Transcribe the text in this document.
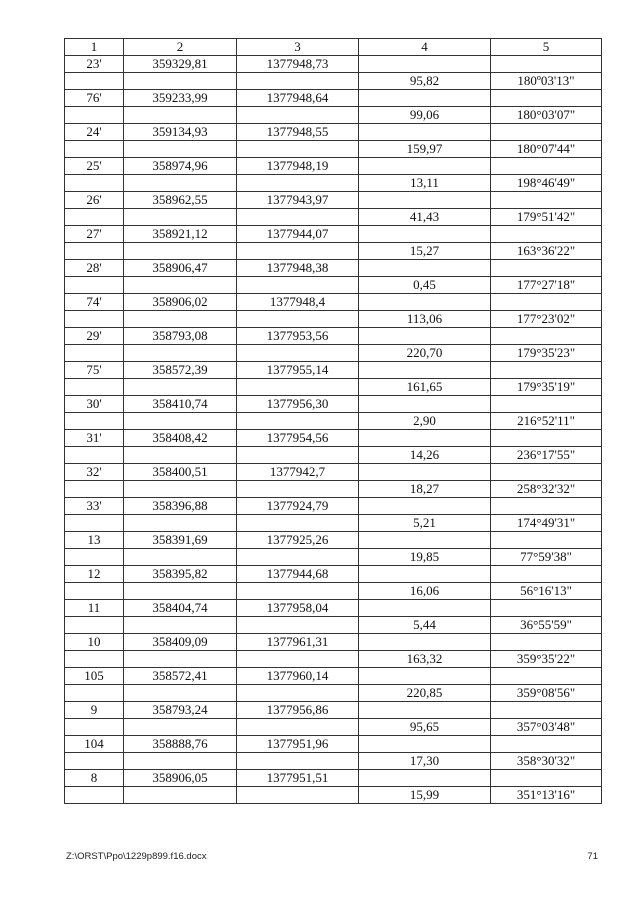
1	2	3	4	5
23'	359329,81	1377948,73		
			95,82	180º03'13"
76'	359233,99	1377948,64		
			99,06	180°03'07"
24'	359134,93	1377948,55		
			159,97	180°07'44"
25'	358974,96	1377948,19		
			13,11	198°46'49"
26'	358962,55	1377943,97		
			41,43	179°51'42"
27'	358921,12	1377944,07		
			15,27	163°36'22"
28'	358906,47	1377948,38		
			0,45	177°27'18"
74'	358906,02	1377948,4		
			113,06	177°23'02"
29'	358793,08	1377953,56		
			220,70	179°35'23"
75'	358572,39	1377955,14		
			161,65	179°35'19"
30'	358410,74	1377956,30		
			2,90	216°52'11"
31'	358408,42	1377954,56		
			14,26	236°17'55"
32'	358400,51	1377942,7		
			18,27	258°32'32"
33'	358396,88	1377924,79		
			5,21	174°49'31"
13	358391,69	1377925,26		
			19,85	77°59'38"
12	358395,82	1377944,68		
			16,06	56°16'13"
11	358404,74	1377958,04		
			5,44	36°55'59"
10	358409,09	1377961,31		
			163,32	359°35'22"
105	358572,41	1377960,14		
			220,85	359°08'56"
9	358793,24	1377956,86		
			95,65	357°03'48"
104	358888,76	1377951,96		
			17,30	358°30'32"
8	358906,05	1377951,51		
			15,99	351°13'16"
Z:\ORST\Ppo\1229p899.f16.docx	71
